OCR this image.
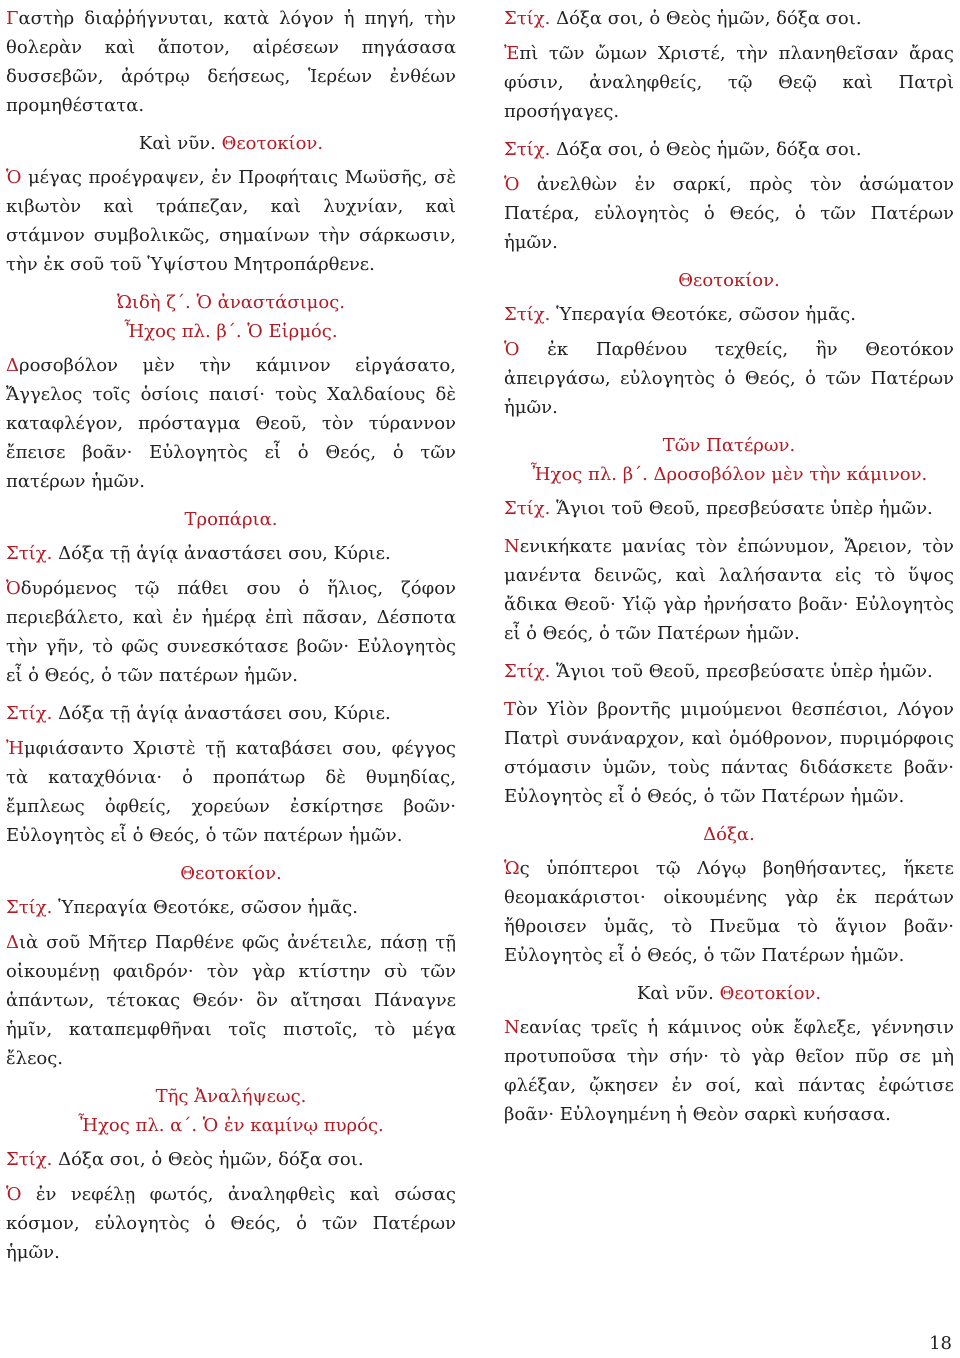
Γαστὴρ διαῤῥήγνυται, κατὰ λόγον ἡ πηγή, τὴν θολερὰν καὶ ἄποτον, αἱρέσεων πηγάσασα δυσσεβῶν, ἀρότρῳ δεήσεως, Ἱερέων ἐνθέων προμηθέστατα.

Καὶ νῦν. Θεοτοκίον.

Ὁ μέγας προέγραψεν, ἐν Προφήταις Μωϋσῆς, σὲ κιβωτὸν καὶ τράπεζαν, καὶ λυχνίαν, καὶ στάμνον συμβολικῶς, σημαίνων τὴν σάρκωσιν, τὴν ἐκ σοῦ τοῦ Ὑψίστου Μητροπάρθενε.

Ὠιδὴ ζ΄. Ὁ ἀναστάσιμος.

Ἦχος πλ. β΄. Ὁ Εἱρμός.

Δροσοβόλον μὲν τὴν κάμινον εἰργάσατο, Ἄγγελος τοῖς ὁσίοις παισί· τοὺς Χαλδαίους δὲ καταφλέγον, πρόσταγμα Θεοῦ, τὸν τύραννον ἔπεισε βοᾶν· Εὐλογητὸς εἶ ὁ Θεός, ὁ τῶν πατέρων ἡμῶν.

Τροπάρια.

Στίχ. Δόξα τῇ ἁγίᾳ ἀναστάσει σου, Κύριε.

Ὀδυρόμενος τῷ πάθει σου ὁ ἥλιος, ζόφον περιεβάλετο, καὶ ἐν ἡμέρᾳ ἐπὶ πᾶσαν, Δέσποτα τὴν γῆν, τὸ φῶς συνεσκότασε βοῶν· Εὐλογητὸς εἶ ὁ Θεός, ὁ τῶν πατέρων ἡμῶν.

Στίχ. Δόξα τῇ ἁγίᾳ ἀναστάσει σου, Κύριε.

Ἠμφιάσαντο Χριστὲ τῇ καταβάσει σου, φέγγος τὰ καταχθόνια· ὁ προπάτωρ δὲ θυμηδίας, ἔμπλεως ὀφθείς, χορεύων ἐσκίρτησε βοῶν· Εὐλογητὸς εἶ ὁ Θεός, ὁ τῶν πατέρων ἡμῶν.

Θεοτοκίον.

Στίχ. Ὑπεραγία Θεοτόκε, σῶσον ἡμᾶς.

Διὰ σοῦ Μῆτερ Παρθένε φῶς ἀνέτειλε, πάσῃ τῇ οἰκουμένῃ φαιδρόν· τὸν γὰρ κτίστην σὺ τῶν ἁπάντων, τέτοκας Θεόν· ὃν αἴτησαι Πάναγνε ἡμῖν, καταπεμφθῆναι τοῖς πιστοῖς, τὸ μέγα ἔλεος.

Τῆς Ἀναλήψεως.

Ἦχος πλ. α΄. Ὁ ἐν καμίνῳ πυρός.

Στίχ. Δόξα σοι, ὁ Θεὸς ἡμῶν, δόξα σοι.

Ὁ ἐν νεφέλῃ φωτός, ἀναληφθεὶς καὶ σώσας κόσμον, εὐλογητὸς ὁ Θεός, ὁ τῶν Πατέρων ἡμῶν.

Στίχ. Δόξα σοι, ὁ Θεὸς ἡμῶν, δόξα σοι.

Ἐπὶ τῶν ὤμων Χριστέ, τὴν πλανηθεῖσαν ἄρας φύσιν, ἀναληφθείς, τῷ Θεῷ καὶ Πατρὶ προσήγαγες.

Στίχ. Δόξα σοι, ὁ Θεὸς ἡμῶν, δόξα σοι.

Ὁ ἀνελθὼν ἐν σαρκί, πρὸς τὸν ἀσώματον Πατέρα, εὐλογητὸς ὁ Θεός, ὁ τῶν Πατέρων ἡμῶν.

Θεοτοκίον.

Στίχ. Ὑπεραγία Θεοτόκε, σῶσον ἡμᾶς.

Ὁ ἐκ Παρθένου τεχθείς, ἣν Θεοτόκον ἀπειργάσω, εὐλογητὸς ὁ Θεός, ὁ τῶν Πατέρων ἡμῶν.

Τῶν Πατέρων.

Ἦχος πλ. β΄. Δροσοβόλον μὲν τὴν κάμινον.

Στίχ. Ἅγιοι τοῦ Θεοῦ, πρεσβεύσατε ὑπὲρ ἡμῶν.

Νενικήκατε μανίας τὸν ἐπώνυμον, Ἄρειον, τὸν μανέντα δεινῶς, καὶ λαλήσαντα εἰς τὸ ὕψος ἄδικα Θεοῦ· Υἱῷ γὰρ ἠρνήσατο βοᾶν· Εὐλογητὸς εἶ ὁ Θεός, ὁ τῶν Πατέρων ἡμῶν.

Στίχ. Ἅγιοι τοῦ Θεοῦ, πρεσβεύσατε ὑπὲρ ἡμῶν.

Τὸν Υἱὸν βροντῆς μιμούμενοι θεσπέσιοι, Λόγον Πατρὶ συνάναρχον, καὶ ὁμόθρονον, πυριμόρφοις στόμασιν ὑμῶν, τοὺς πάντας διδάσκετε βοᾶν· Εὐλογητὸς εἶ ὁ Θεός, ὁ τῶν Πατέρων ἡμῶν.

Δόξα.

Ὡς ὑπόπτεροι τῷ Λόγῳ βοηθήσαντες, ἥκετε θεομακάριστοι· οἰκουμένης γὰρ ἐκ περάτων ἤθροισεν ὑμᾶς, τὸ Πνεῦμα τὸ ἅγιον βοᾶν· Εὐλογητὸς εἶ ὁ Θεός, ὁ τῶν Πατέρων ἡμῶν.

Καὶ νῦν. Θεοτοκίον.

Νεανίας τρεῖς ἡ κάμινος οὐκ ἔφλεξε, γέννησιν προτυποῦσα τὴν σήν· τὸ γὰρ θεῖον πῦρ σε μὴ φλέξαν, ᾤκησεν ἐν σοί, καὶ πάντας ἐφώτισε βοᾶν· Εὐλογημένη ἡ Θεὸν σαρκὶ κυήσασα.

18
